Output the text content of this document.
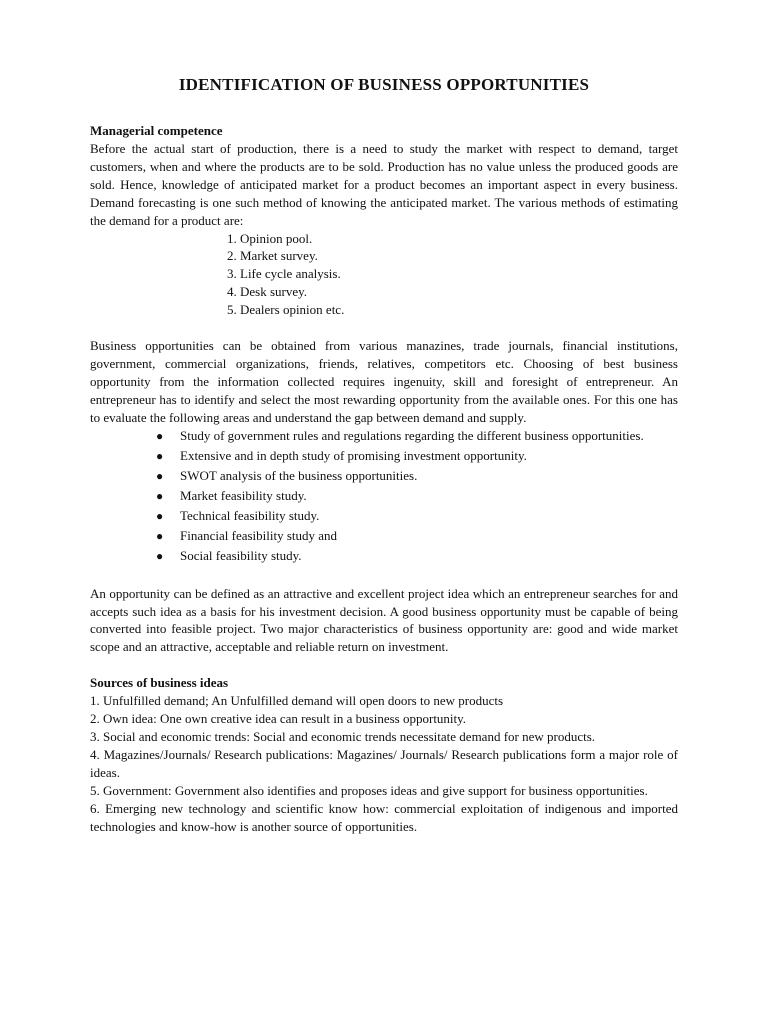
IDENTIFICATION OF BUSINESS OPPORTUNITIES

Managerial competence

Before the actual start of production, there is a need to study the market with respect to demand, target customers, when and where the products are to be sold. Production has no value unless the produced goods are sold. Hence, knowledge of anticipated market for a product becomes an important aspect in every business. Demand forecasting is one such method of knowing the anticipated market. The various methods of estimating the demand for a product are:

1. Opinion pool.
2. Market survey.
3. Life cycle analysis.
4. Desk survey.
5. Dealers opinion etc.

Business opportunities can be obtained from various manazines, trade journals, financial institutions, government, commercial organizations, friends, relatives, competitors etc. Choosing of best business opportunity from the information collected requires ingenuity, skill and foresight of entrepreneur. An entrepreneur has to identify and select the most rewarding opportunity from the available ones. For this one has to evaluate the following areas and understand the gap between demand and supply.

● Study of government rules and regulations regarding the different business opportunities.
● Extensive and in depth study of promising investment opportunity.
● SWOT analysis of the business opportunities.
● Market feasibility study.
● Technical feasibility study.
● Financial feasibility study and
● Social feasibility study.

An opportunity can be defined as an attractive and excellent project idea which an entrepreneur searches for and accepts such idea as a basis for his investment decision. A good business opportunity must be capable of being converted into feasible project. Two major characteristics of business opportunity are: good and wide market scope and an attractive, acceptable and reliable return on investment.

Sources of business ideas

1. Unfulfilled demand; An Unfulfilled demand will open doors to new products
2. Own idea: One own creative idea can result in a business opportunity.
3. Social and economic trends: Social and economic trends necessitate demand for new products.
4. Magazines/Journals/ Research publications: Magazines/ Journals/ Research publications form a major role of ideas.
5. Government: Government also identifies and proposes ideas and give support for business opportunities.
6. Emerging new technology and scientific know how: commercial exploitation of indigenous and imported technologies and know-how is another source of opportunities.
